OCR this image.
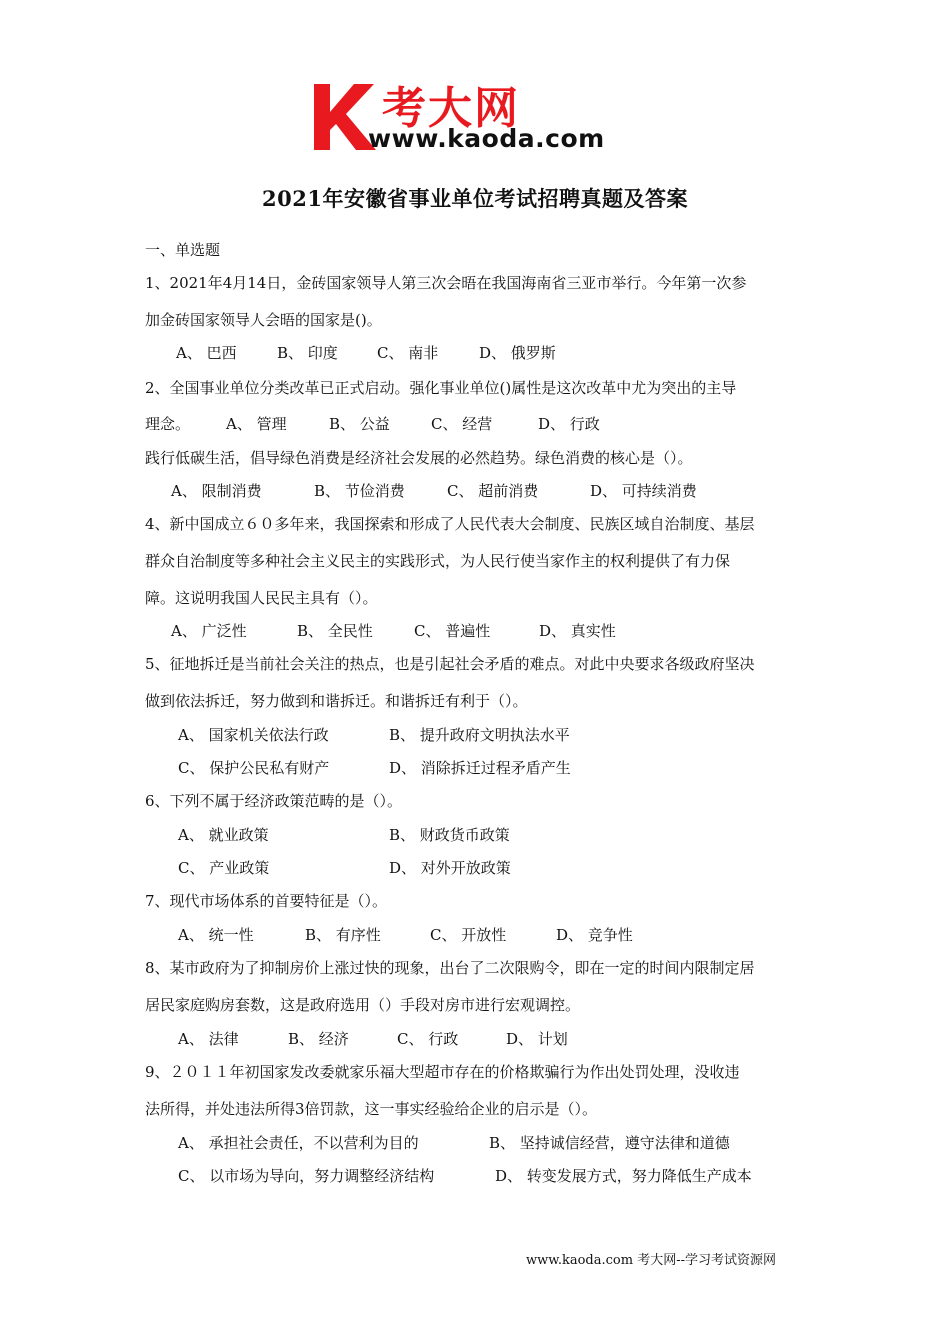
考大网
www.kaoda.com
2021年安徽省事业单位考试招聘真题及答案
一、单选题
1、2021年4月14日，金砖国家领导人第三次会晤在我国海南省三亚市举行。今年第一次参
加金砖国家领导人会晤的国家是()。
A、 巴西	B、 印度	C、 南非	D、 俄罗斯
2、全国事业单位分类改革已正式启动。强化事业单位()属性是这次改革中尤为突出的主导
理念。 A、 管理	B、 公益	C、 经营	D、 行政
践行低碳生活，倡导绿色消费是经济社会发展的必然趋势。绿色消费的核心是（）。
A、 限制消费	B、 节俭消费	C、 超前消费	D、 可持续消费
4、新中国成立６０多年来，我国探索和形成了人民代表大会制度、民族区域自治制度、基层
群众自治制度等多种社会主义民主的实践形式，为人民行使当家作主的权利提供了有力保
障。这说明我国人民民主具有（）。
A、 广泛性	B、 全民性	C、 普遍性	D、 真实性
5、征地拆迁是当前社会关注的热点，也是引起社会矛盾的难点。对此中央要求各级政府坚决
做到依法拆迁，努力做到和谐拆迁。和谐拆迁有利于（）。
A、 国家机关依法行政	B、 提升政府文明执法水平
C、 保护公民私有财产	D、 消除拆迁过程矛盾产生
6、下列不属于经济政策范畴的是（）。
A、 就业政策	B、 财政货币政策
C、 产业政策	D、 对外开放政策
7、现代市场体系的首要特征是（）。
A、 统一性	B、 有序性	C、 开放性	D、 竞争性
8、某市政府为了抑制房价上涨过快的现象，出台了二次限购令，即在一定的时间内限制定居
居民家庭购房套数，这是政府选用（）手段对房市进行宏观调控。
A、 法律	B、 经济	C、 行政	D、 计划
9、２０１１年初国家发改委就家乐福大型超市存在的价格欺骗行为作出处罚处理，没收违
法所得，并处违法所得3倍罚款，这一事实经验给企业的启示是（）。
A、 承担社会责任，不以营利为目的	B、 坚持诚信经营，遵守法律和道德
C、 以市场为导向，努力调整经济结构	D、 转变发展方式，努力降低生产成本
www.kaoda.com 考大网--学习考试资源网
